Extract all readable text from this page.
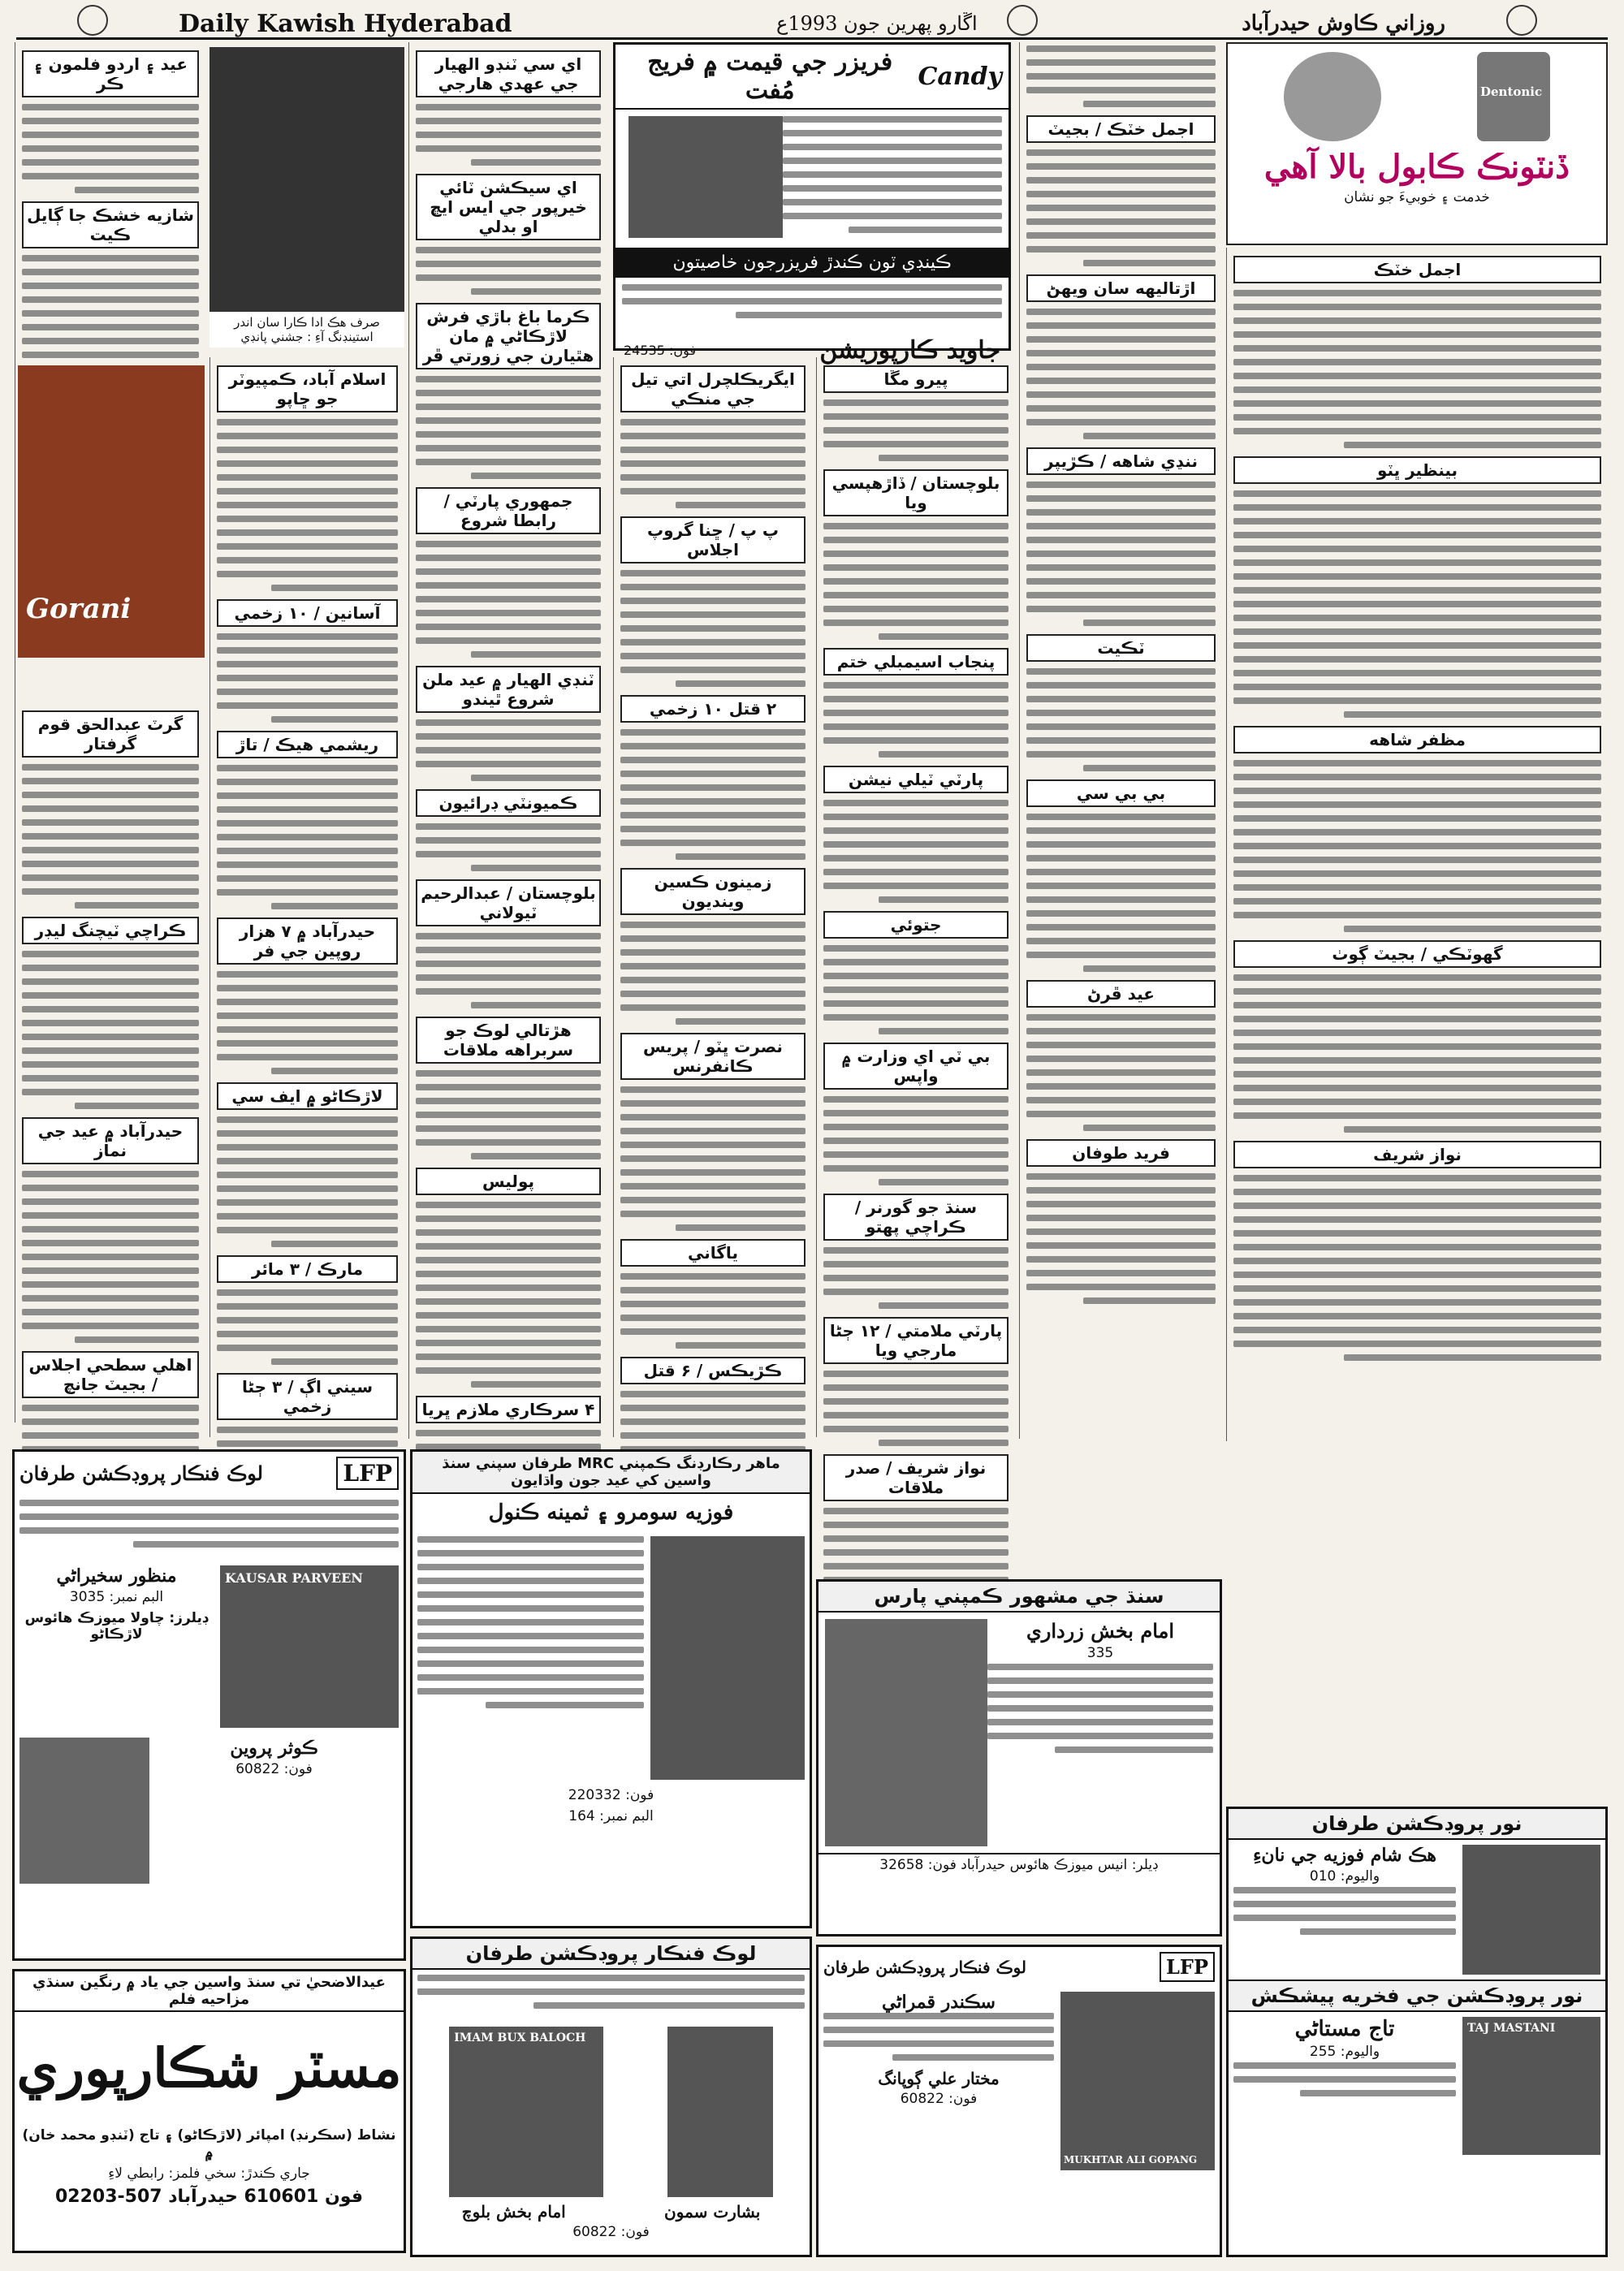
Daily Kawish Hyderabad	اڱارو پهرين جون 1993ع	روزاني ڪاوش حيدرآباد
Dentonic
ڏنٽونڪ ڪابول بالا آهي
خدمت ۽ خوبيءَ جو نشان
Candy
فريزر جي قيمت ۾ فريج مُفت
ڪينڊي ٽون ڪندڙ فريزرجون خاصيتون
جاويد ڪارپوريشن
فون: 24535
عيد ۽ اردو فلمون ۽ ڪر
شازيه خشڪ جا ڳايل ڪيت
گرٽ عبدالحق قوم گرفتار
ڪراچي ٽيچنگ ليڊر
حيدرآباد ۾ عيد جي نماز
اهلي سطحي اجلاس / بجيٽ جانچ
صرف هڪ ادا ڪارا سان اندر استينڊنگ آءِ : جشني پانڊي
Gorani
اسلام آباد، ڪمپيوٽر جو ڇاپو
آسانين / ۱۰ زخمي
ريشمي هيڪ / تاڙ
حيدرآباد ۾ ۷ هزار روپين جي فر
لاڙڪاڻو ۾ ايف سي
مارڪ / ۳ مائر
سيني اڳ / ۳ ڄڻا زخمي
اي سي ٽنڊو الهيار جي عهدي هارجي
اي سيڪشن ٽائي خيرپور جي ايس ايڇ او بدلي
ڪرما باغ باڙي فرش لاڙڪاڻي ۾ مان هٿيارن جي زورتي ڦر
جمهوري پارٽي / رابطا شروع
ٽنڊي الهيار ۾ عيد ملن شروع ٿيندو
ڪميونٽي ڊرائيون
بلوچستان / عبدالرحيم ٽيولاني
هڙتالي لوڪ جو سربراهه ملاقات
پوليس
۴ سرڪاري ملازم ڀريا
ايگريڪلچرل اتي تيل جي منڪي
پ پ / ڇنا گروپ اجلاس
۲ قتل ۱۰ زخمي
زمينون ڪسين وينديون
نصرت ڀٽو / پريس ڪانفرنس
ياگاني
ڪڙيڪس / ۶ قتل
پيرو مڱا
بلوچستان / ڏاڙهپسي ويا
پنجاب اسيمبلي ختم
پارٽي ٽيلي نيشن
جتوئي
بي ٽي اي وزارت ۾ واپس
سنڌ جو گورنر / ڪراچي پهتو
پارٽي ملامتي / ۱۲ ڄڻا مارجي ويا
نواز شريف / صدر ملاقات
اجمل خٽڪ / بجيٽ
اڙتاليهه سان ويهڻ
ننڍي شاهه / ڪڙيپر
ٽڪيت
بي بي سي
عيد ڦرڻ
فريد طوفان
اجمل خٽڪ
بينظير ڀٽو
مظفر شاهه
گهوٽڪي / بجيٽ ڳوٺ
نواز شريف
ماهر رڪارڊنگ ڪمپني MRC طرفان سپني سنڌ واسين کي عيد جون واڌايون
فوزيه سومرو ۽ ثمينه ڪنول
فون: 220332
البم نمبر: 164
سنڌ جي مشهور ڪمپني پارس
امام بخش زرداري
335
ڊيلر: انيس ميوزڪ هائوس حيدرآباد فون: 32658
LFP
لوڪ فنڪار پروڊڪشن طرفان
KAUSAR PARVEEN
منظور سخيراڻي
البم نمبر: 3035
ڊيلرز: چاولا ميوزڪ هائوس لاڙڪاڻو
ڪوثر پروين
فون: 60822
عيدالاضحيٰ تي سنڌ واسين جي ياد ۾ رنگين سنڌي مزاحيه فلم
مسٽر شڪارپوري
نشاط (سڪرنڊ) امپائر (لاڙڪاڻو) ۽ تاج (ٽنڊو محمد خان) ۾
جاري ڪندڙ: سخي فلمز: رابطي لاءِ
فون 610601 حيدرآباد 507-02203
لوڪ فنڪار پروڊڪشن طرفان
IMAM BUX BALOCH
بشارت سمون
امام بخش بلوچ
فون: 60822
LFP
لوڪ فنڪار پروڊڪشن طرفان
MUKHTAR ALI GOPANG
سڪندر قمراڻي
مختار علي ڳوپانگ
فون: 60822
نور پروڊڪشن طرفان
هڪ شام فوزيه جي نانءِ
واليوم: 010
نور پروڊڪشن جي فخريه پيشڪش
TAJ MASTANI
تاج مستاڻي
واليوم: 255
